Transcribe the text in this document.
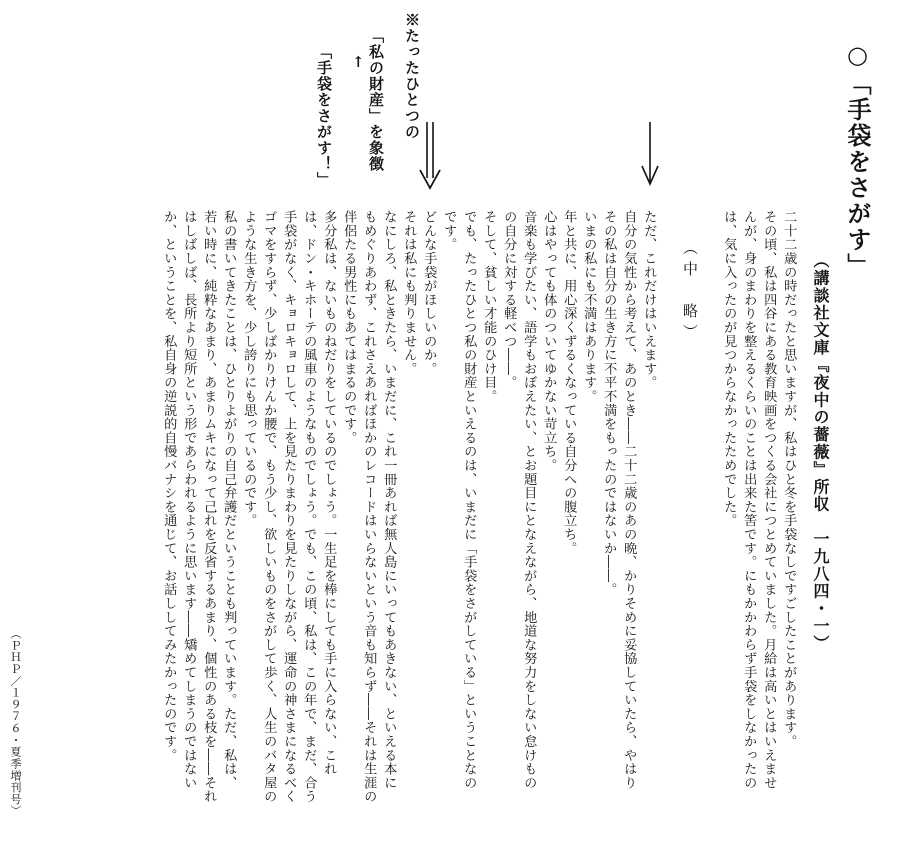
○「手袋をさがす」
（講談社文庫『夜中の薔薇』所収　一九八四・一）
二十二歳の時だったと思いますが、私はひと冬を手袋なしですごしたことがあります。
その頃、私は四谷にある教育映画をつくる会社につとめていました。月給は高いとはいえませ
んが、身のまわりを整えるくらいのことは出来た筈です。にもかかわらず手袋をしなかったの
は、気に入ったのが見つからなかったためでした。
（中　略）
ただ、これだけはいえます。
自分の気性から考えて、あのとき――二十二歳のあの晩、かりそめに妥協していたら、やはり
その私は自分の生き方に不平不満をもったのではないか――。
いまの私にも不満はあります。
年と共に、用心深くずるくなっている自分への腹立ち。
心はやっても体のついてゆかない苛立ち。
音楽も学びたい、語学もおぼえたい、とお題目にとなえながら、地道な努力をしない怠けもの
の自分に対する軽べつ――。
そして、貧しい才能のひけ目。
でも、たったひとつ私の財産といえるのは、いまだに「手袋をさがしている」ということなの
です。
どんな手袋がほしいのか。
それは私にも判りません。
なにしろ、私ときたら、いまだに、これ一冊あれば無人島にいってもあきない、といえる本に
もめぐりあわず、これさえあればほかのレコードはいらないという音も知らず――それは生涯の
伴侶たる男性にもあてはまるのです。
多分私は、ないものねだりをしているのでしょう。一生足を棒にしても手に入らない、これ
は、ドン・キホーテの風車のようなものでしょう。でも、この頃、私は、この年で、まだ、合う
手袋がなく、キョロキョロして、上を見たりまわりを見たりしながら、運命の神さまになるべく
ゴマをすらず、少しばかりけんか腰で、もう少し、欲しいものをさがして歩く、人生のバタ屋の
ような生き方を、少し誇りにも思っているのです。
私の書いてきたことは、ひとりよがりの自己弁護だということも判っています。ただ、私は、
若い時に、純粋なあまり、あまりムキになって己れを反省するあまり、個性のある枝を――それ
はしばしば、長所より短所という形であらわれるように思います――矯めてしまうのではない
か、ということを、私自身の逆説的自慢バナシを通じて、お話ししてみたかったのです。
※たったひとつの
「私の財産」を象徴
↑
「手袋をさがす！」
（ＰＨＰ／１９７６・夏季増刊号）
